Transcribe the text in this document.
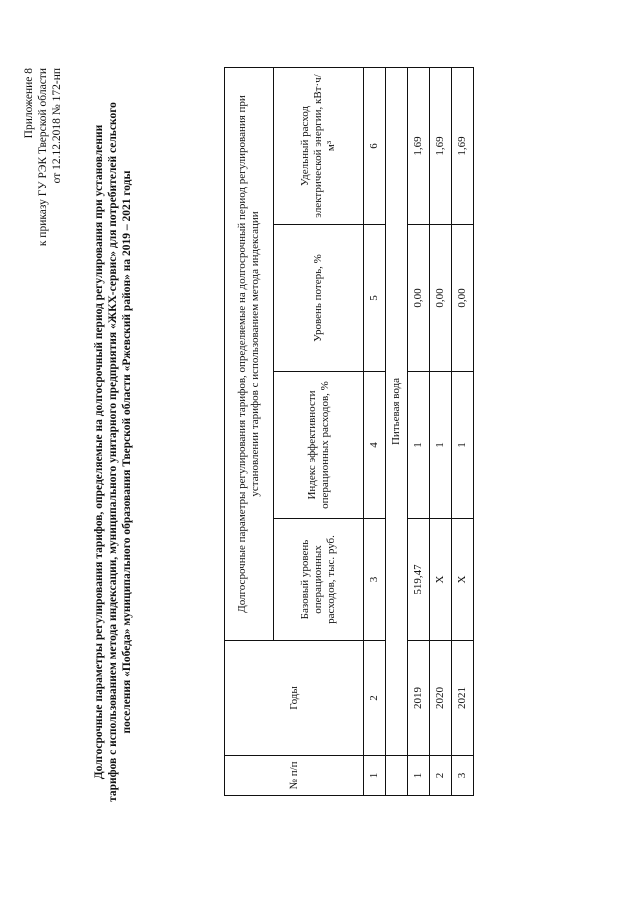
Приложение 8 к приказу ГУ РЭК Тверской области от 12.12.2018 № 172-нп	Долгосрочные параметры регулирования тарифов, определяемые на долгосрочный период регулирования при установлении тарифов с использованием метода индексации, муниципального унитарного предприятия «ЖКХ-сервис» для потребителей сельского поселения «Победа» муниципального образования Тверской области «Ржевский район» на 2019 – 2021 годы
№ п/п	Годы	Долгосрочные параметры регулирования тарифов, определяемые на долгосрочный период регулирования при установлении тарифов с использованием метода индексации			
		Базовый уровень операционных расходов, тыс. руб.	Индекс эффективности операционных расходов, %	Уровень потерь, %	Удельный расход электрической энергии, кВт·ч/м³
1	2	3	4	5	6
	Питьевая вода				
1	2019	519,47	1	0,00	1,69
2	2020	Х	1	0,00	1,69
3	2021	Х	1	0,00	1,69
